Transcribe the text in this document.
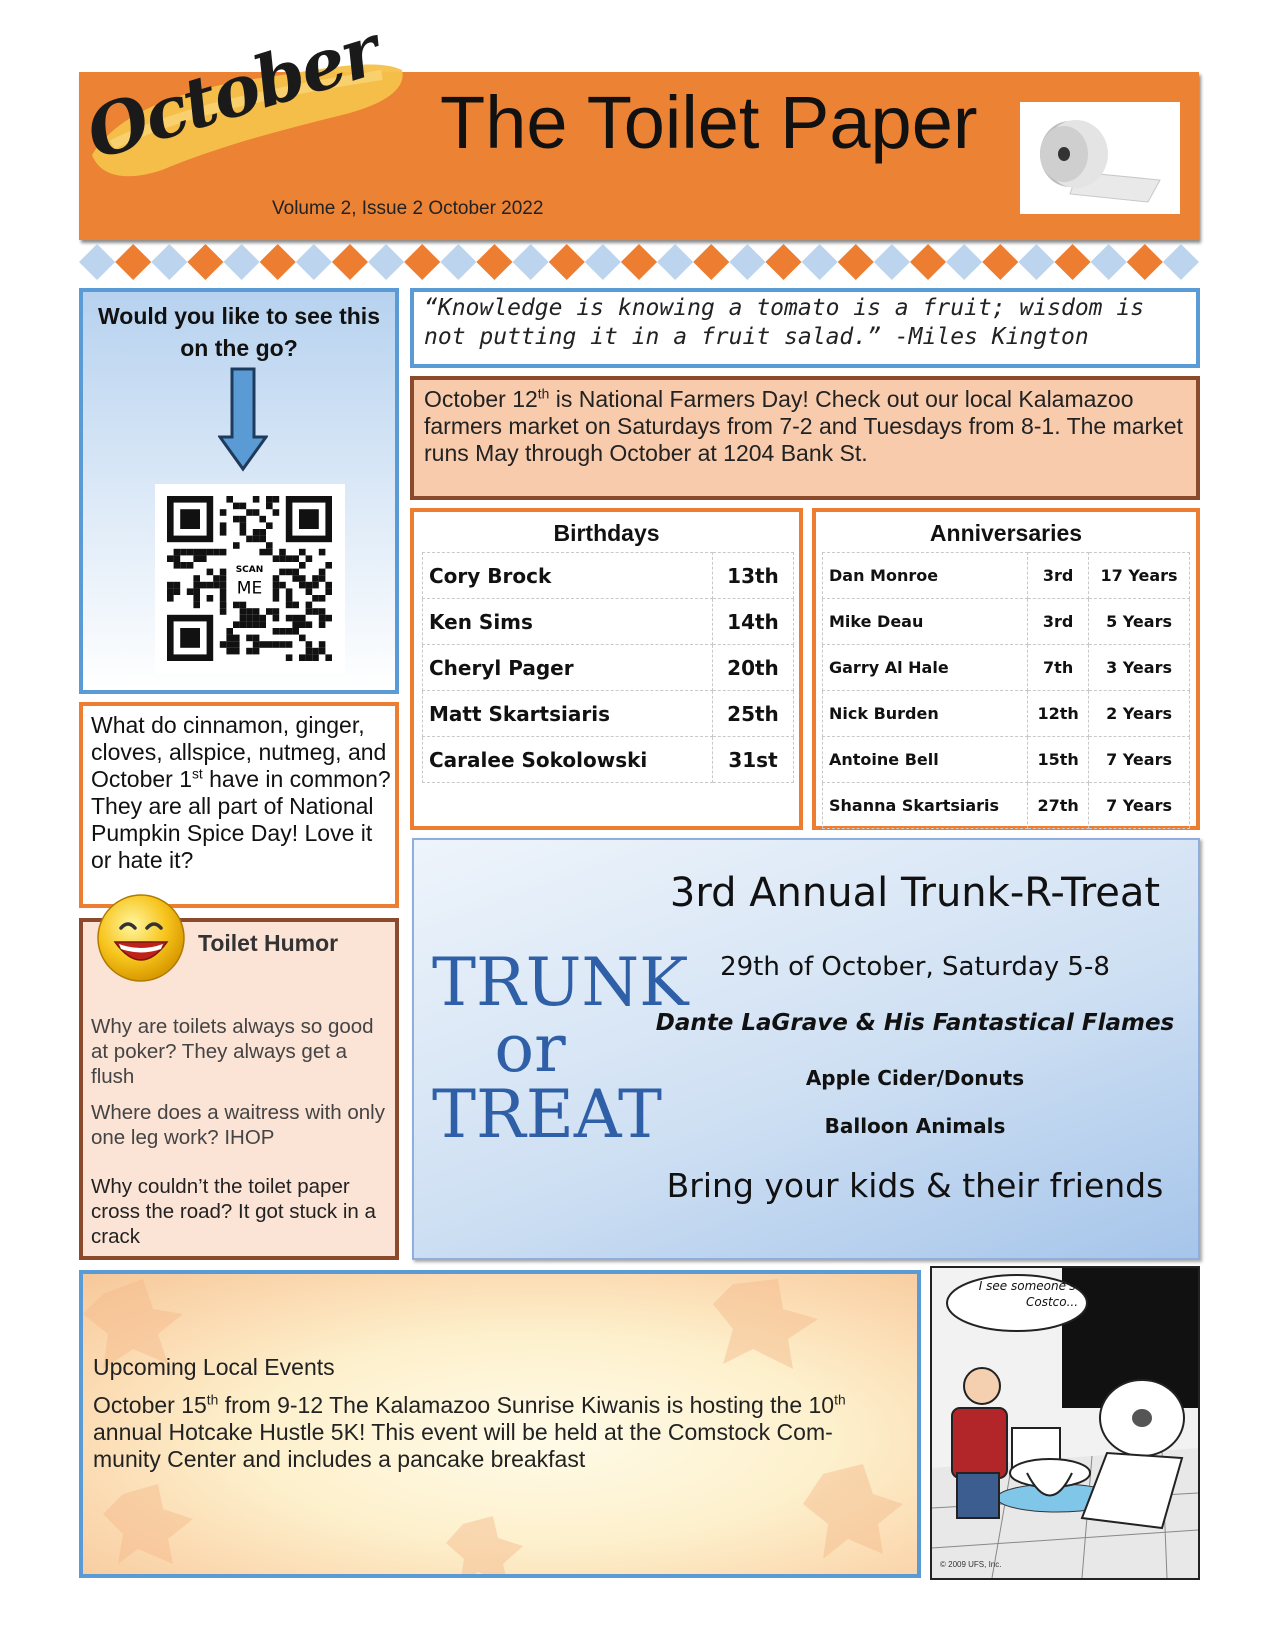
October The Toilet Paper
Volume 2, Issue 2 October 2022
Would you like to see this on the go?
SCAN
ME
“Knowledge is knowing a tomato is a fruit; wisdom is not putting it in a fruit salad.” -Miles Kington
October 12th is National Farmers Day! Check out our local Kalamazoo farmers market on Saturdays from 7-2 and Tuesdays from 8-1. The market runs May through October at 1204 Bank St.
Birthdays
Cory Brock	13th
Ken Sims	14th
Cheryl Pager	20th
Matt Skartsiaris	25th
Caralee Sokolowski	31st
Anniversaries
Dan Monroe	3rd	17 Years
Mike Deau	3rd	5 Years
Garry Al Hale	7th	3 Years
Nick Burden	12th	2 Years
Antoine Bell	15th	7 Years
Shanna Skartsiaris	27th	7 Years
What do cinnamon, ginger, cloves, allspice, nutmeg, and October 1st have in common? They are all part of National Pumpkin Spice Day! Love it or hate it?
Toilet Humor
Why are toilets always so good at poker? They always get a flush
Where does a waitress with only one leg work? IHOP
Why couldn’t the toilet paper cross the road? It got stuck in a crack
TRUNK
or
TREAT
3rd Annual Trunk-R-Treat
29th of October, Saturday 5-8
Dante LaGrave & His Fantastical Flames
Apple Cider/Donuts
Balloon Animals
Bring your kids & their friends
Upcoming Local Events
October 15th from 9-12 The Kalamazoo Sunrise Kiwanis is hosting the 10th annual Hotcake Hustle 5K! This event will be held at the Comstock Com-munity Center and includes a pancake breakfast
I see someone's been to Costco...
© 2009 UFS, Inc.
